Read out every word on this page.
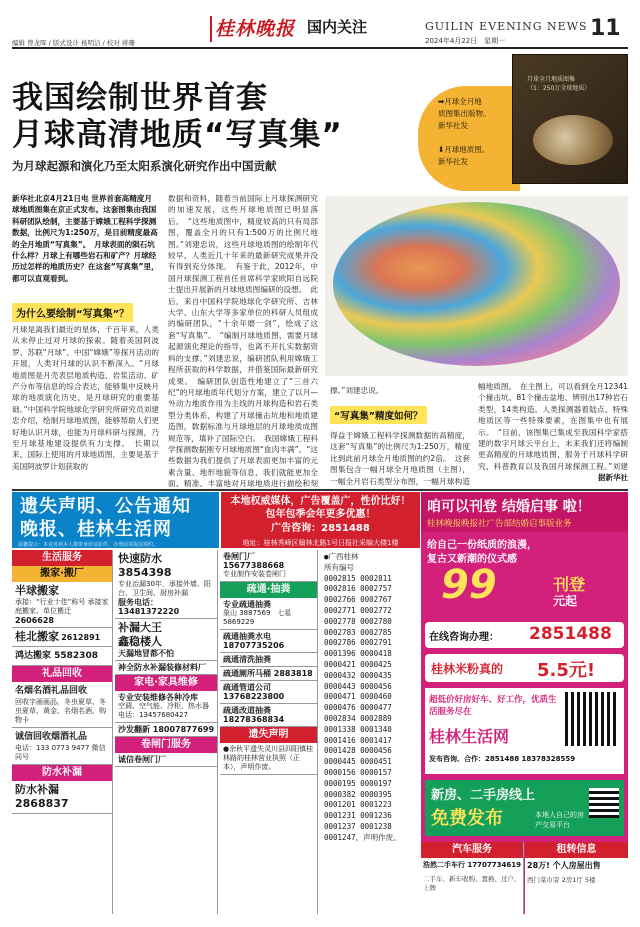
编辑 曾龙晖 / 版式设计 杨明洁 / 校对 蒋珊
桂林晚报 国内关注	GUILIN EVENING NEWS
2024年4月22日　星期一	11
我国绘制世界首套
月球高清地质“写真集”
为月球起源和演化乃至太阳系演化研究作出中国贡献

➡月球全月地

质图集出版物。

新华社发

⬇月球地质图。

新华社发

月球全月地质图集
（1：250万全球地质）
新华社北京4月21日电 世界首套高精度月球地质图集在京正式发布。这套图集由我国科研团队绘制，主要基于嫦娥工程科学探测数据，比例尺为1:250万，是目前精度最高的全月地质“写真集”。　月球表面的陨石坑什么样？月球上有哪些岩石和矿产？月球经历过怎样的地质历史？在这套“写真集”里，都可以直观看到。
为什么要绘制“写真集”？
月球是离我们最近的星体，千百年来，人类从未停止过对月球的探索。随着美国阿波罗、苏联“月球”、中国“嫦娥”等探月活动的开展，人类对月球的认识不断深入。“月球地质图是月壳表层地质构造、岩浆活动、矿产分布等信息的综合表达，能够集中反映月球的地质演化历史，是月球研究的重要基础。”中国科学院地球化学研究所研究员刘建忠介绍，绘制月球地质图，能够帮助人们更好地认识月球，也能为月球科研与探测，乃至月球基地建设提供有力支撑。　长期以来，国际上使用的月球地质图，主要是基于美国阿波罗计划获取的
数据和资料，随着当前国际上月球探测研究的加速发展，这些月球地质图已明显落后。　“这些地质图中，精度较高的只有局部图，覆盖全月的只有1:500万的比例尺地图。”刘建忠说，这些月球地质图的绘制年代较早，人类近几十年来的最新研究成果并没有得到充分体现。　有鉴于此，2012年，中国月球探测工程首任首席科学家欧阳自远院士提出开展新的月球地质图编研的设想。　此后，来自中国科学院地球化学研究所、吉林大学、山东大学等多家单位的科研人员组成的编研团队，“十余年磨一剑”，绘成了这套“写真集”。　“编制月球地质图，需要月球起源演化理论的指导，也离不开扎实数据资料的支撑。”刘建忠说，编研团队利用嫦娥工程所获取的科学数据，并借鉴国际最新研究成果。　编研团队创造性地建立了“三首六纪”的月球地质年代划分方案，建立了以月—外动力地质作用为主线的月球构造和岩石类型分类体系，构建了月球撞击坑地和地质建造图，数据标准与月球地层的月球地质成图规范等，填补了国际空白。　我国嫦娥工程科学探测数据刚专月球地质图“血肉丰满”。“这些数据为我们提供了月球表面更加丰富的元素含量、地形地貌等信息，我们就能更加全面、精准、丰富地对月球地质进行描绘和刻
撑。”刘建忠说。
“写真集”精度如何？
得益于嫦娥工程科学探测数据的高精度，这套“写真集”的比例尺为1:250万，精度比到此前月球全月地质图的约2倍。　这套图集包含一幅月球全月地质图（主图），一幅全月岩石类型分布图，一幅月球构造
幅地质图。　在主图上，可以看到全月12341个撞击坑、81个撞击盆地、辨别出17种岩石类型，14类构造。人类探测器着陆点、特殊地质区等一些特殊要素，在图集中也有展示。　“目前，该图集已集成至我国科学家搭建的数字月球云平台上，未来我们还将编制更高精度的月球地质图，服务于月球科学研究、科普教育以及我国月球探测工程。”刘建
据新华社
遗失声明、公告通知
晚报、桂林生活网
温馨提示：本业务须本人携带身份证原件，办理前请提前预约。
本地权威媒体，广告覆盖广，性价比好！
包年包季会年更多优惠！
广告咨询：2851488
地址：桂林秀峰区翰林北路1号日报社采编大楼1楼
咱可以刊登 结婚启事 啦！
桂林晚报晚报社广告部结婚启事版业务
给自己一份纸质的浪漫，
复古又新潮的仪式感
99	刊登
元起
在线咨询办理： 2851488
桂林米粉真的 5.5元!
超低价好房好车、好工作，优质生活服务尽在
桂林生活网
发布咨询、合作：2851488 18378328559
新房、二手房线上
免费发布	本地人自己的房产交易平台
汽车服务
浩然二手车行 17707734619
二手车、新车收购、置换、过户、上牌
租转信息
28万! 个人房屋出售
西门菜市旁 2房1厅 5楼
生活服务
搬家·搬厂
半球搬家
承接：“行业十佳”称号 承接家庭搬家、单位搬迁
2606628
桂北搬家 2612891
鸿达搬家 5582308
礼品回收
名烟名酒礼品回收
回收字画画品、冬虫夏草、冬虫夏草、黄金、名烟名酒、购物卡
诚信回收烟酒礼品
电话：133 0773 9477 微信同号
防水补漏
防水补漏 2868837
快速防水 3854398
专业治漏30年，承接外墙、阳台、卫生间、厨房补漏
服务电话：13481372220
补漏大王
鑫稳楼人
天漏地冒都不怕
神全防水补漏装修材料厂
家电·家具维修
专业安装维修各种冷库
空调、空气能、冷柜、热水器
电话：13457680427
沙发翻新 18007877699
卷闸门服务
诚信卷闸门厂
卷闸门厂 15677388668
专业制作安装卷闸门
疏通·抽粪
专业疏通抽粪
象山 3887569　七星 5869229
疏通抽粪水电 18707735206
疏通清洗抽粪
疏通厕所马桶 2883818
疏通管道公司 13768223800
疏通改道抽粪 18278368834
遗失声明
●余秋平遗失灵川县四阳镇桂林路的桂林营业执照（正本），声明作废。
●广西桂林
所有编号
0002815 0002811
0002816 0002757
0002766 0002767
0002771 0002772
0002778 0002780
0002783 0002785
0002786 0002791
0001396 0000418
0000421 0000425
0000432 0000435
0000443 0000456
0000471 0000460
0000476 0000477
0002834 0002889
0001338 0001340
0001416 0001417
0001428 0000456
0000445 0000451
0000156 0000157
0000195 0000197
0000382 0000395
0001201 0001223
0001231 0001236
0001237 0001238
0001247，声明作废。
